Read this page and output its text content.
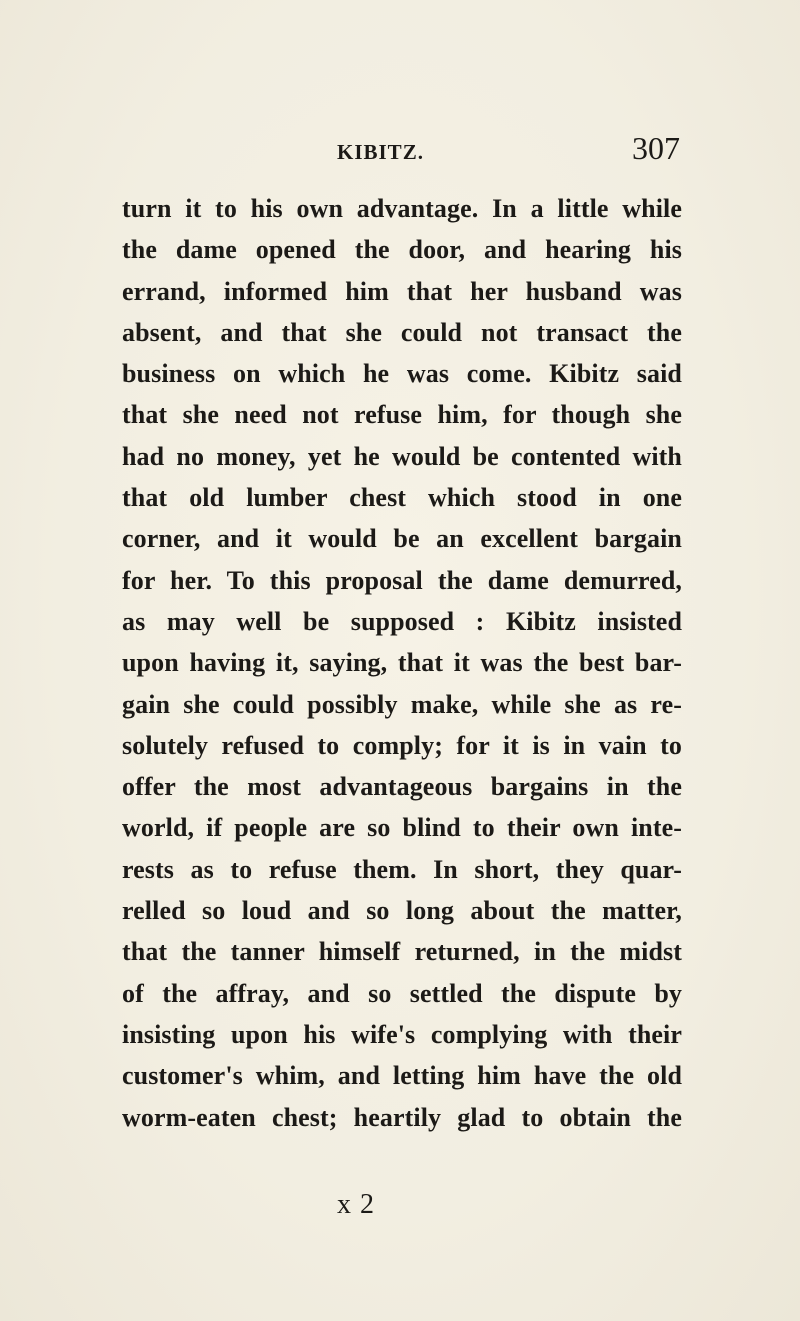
KIBITZ.	307
turn it to his own advantage. In a little while
the dame opened the door, and hearing his
errand, informed him that her husband was
absent, and that she could not transact the
business on which he was come. Kibitz said
that she need not refuse him, for though she
had no money, yet he would be contented with
that old lumber chest which stood in one
corner, and it would be an excellent bargain
for her. To this proposal the dame demurred,
as may well be supposed : Kibitz insisted
upon having it, saying, that it was the best bar-
gain she could possibly make, while she as re-
solutely refused to comply; for it is in vain to
offer the most advantageous bargains in the
world, if people are so blind to their own inte-
rests as to refuse them. In short, they quar-
relled so loud and so long about the matter,
that the tanner himself returned, in the midst
of the affray, and so settled the dispute by
insisting upon his wife's complying with their
customer's whim, and letting him have the old
worm-eaten chest; heartily glad to obtain the
x 2
